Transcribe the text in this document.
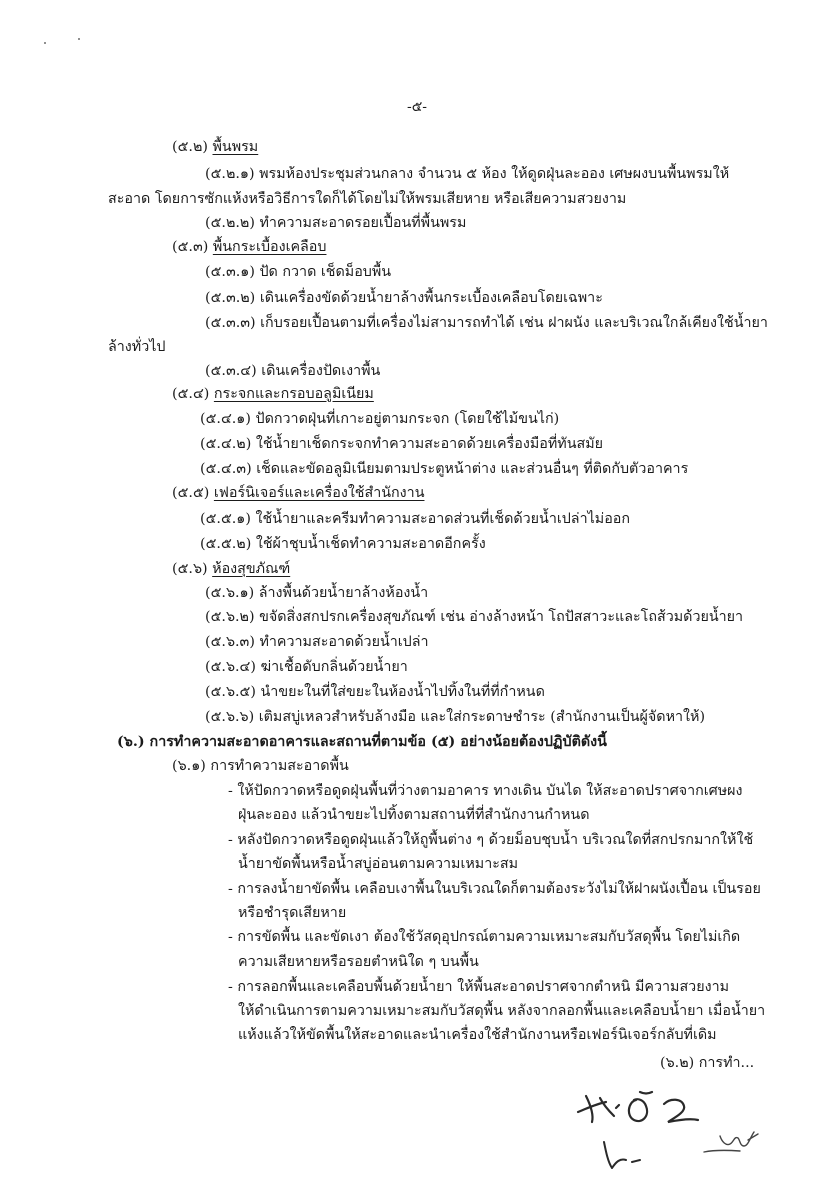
-๕-
(๕.๒) พื้นพรม
(๕.๒.๑) พรมห้องประชุมส่วนกลาง จำนวน ๕ ห้อง ให้ดูดฝุ่นละออง เศษผงบนพื้นพรมให้
สะอาด โดยการซักแห้งหรือวิธีการใดก็ได้โดยไม่ให้พรมเสียหาย หรือเสียความสวยงาม
(๕.๒.๒) ทำความสะอาดรอยเปื้อนที่พื้นพรม
(๕.๓) พื้นกระเบื้องเคลือบ
(๕.๓.๑) ปัด กวาด เช็ดม็อบพื้น
(๕.๓.๒) เดินเครื่องขัดด้วยน้ำยาล้างพื้นกระเบื้องเคลือบโดยเฉพาะ
(๕.๓.๓) เก็บรอยเปื้อนตามที่เครื่องไม่สามารถทำได้ เช่น ฝาผนัง และบริเวณใกล้เคียงใช้น้ำยา
ล้างทั่วไป
(๕.๓.๔) เดินเครื่องปัดเงาพื้น
(๕.๔) กระจกและกรอบอลูมิเนียม
(๕.๔.๑) ปัดกวาดฝุ่นที่เกาะอยู่ตามกระจก (โดยใช้ไม้ขนไก่)
(๕.๔.๒) ใช้น้ำยาเช็ดกระจกทำความสะอาดด้วยเครื่องมือที่ทันสมัย
(๕.๔.๓) เช็ดและขัดอลูมิเนียมตามประตูหน้าต่าง และส่วนอื่นๆ ที่ติดกับตัวอาคาร
(๕.๕) เฟอร์นิเจอร์และเครื่องใช้สำนักงาน
(๕.๕.๑) ใช้น้ำยาและครีมทำความสะอาดส่วนที่เช็ดด้วยน้ำเปล่าไม่ออก
(๕.๕.๒) ใช้ผ้าชุบน้ำเช็ดทำความสะอาดอีกครั้ง
(๕.๖) ห้องสุขภัณฑ์
(๕.๖.๑) ล้างพื้นด้วยน้ำยาล้างห้องน้ำ
(๕.๖.๒) ขจัดสิ่งสกปรกเครื่องสุขภัณฑ์ เช่น อ่างล้างหน้า โถปัสสาวะและโถส้วมด้วยน้ำยา
(๕.๖.๓) ทำความสะอาดด้วยน้ำเปล่า
(๕.๖.๔) ฆ่าเชื้อดับกลิ่นด้วยน้ำยา
(๕.๖.๕) นำขยะในที่ใส่ขยะในห้องน้ำไปทิ้งในที่ที่กำหนด
(๕.๖.๖) เติมสบู่เหลวสำหรับล้างมือ และใส่กระดาษชำระ (สำนักงานเป็นผู้จัดหาให้)
(๖.) การทำความสะอาดอาคารและสถานที่ตามข้อ (๕) อย่างน้อยต้องปฏิบัติดังนี้
(๖.๑) การทำความสะอาดพื้น
- ให้ปัดกวาดหรือดูดฝุ่นพื้นที่ว่างตามอาคาร ทางเดิน บันได ให้สะอาดปราศจากเศษผง
ฝุ่นละออง แล้วนำขยะไปทิ้งตามสถานที่ที่สำนักงานกำหนด
- หลังปัดกวาดหรือดูดฝุ่นแล้วให้ถูพื้นต่าง ๆ ด้วยม็อบชุบน้ำ บริเวณใดที่สกปรกมากให้ใช้
น้ำยาขัดพื้นหรือน้ำสบู่อ่อนตามความเหมาะสม
- การลงน้ำยาขัดพื้น เคลือบเงาพื้นในบริเวณใดก็ตามต้องระวังไม่ให้ฝาผนังเปื้อน เป็นรอย
หรือชำรุดเสียหาย
- การขัดพื้น และขัดเงา ต้องใช้วัสดุอุปกรณ์ตามความเหมาะสมกับวัสดุพื้น โดยไม่เกิด
ความเสียหายหรือรอยตำหนิใด ๆ บนพื้น
- การลอกพื้นและเคลือบพื้นด้วยน้ำยา ให้พื้นสะอาดปราศจากตำหนิ มีความสวยงาม
ให้ดำเนินการตามความเหมาะสมกับวัสดุพื้น หลังจากลอกพื้นและเคลือบน้ำยา เมื่อน้ำยา
แห้งแล้วให้ขัดพื้นให้สะอาดและนำเครื่องใช้สำนักงานหรือเฟอร์นิเจอร์กลับที่เดิม
(๖.๒) การทำ...
